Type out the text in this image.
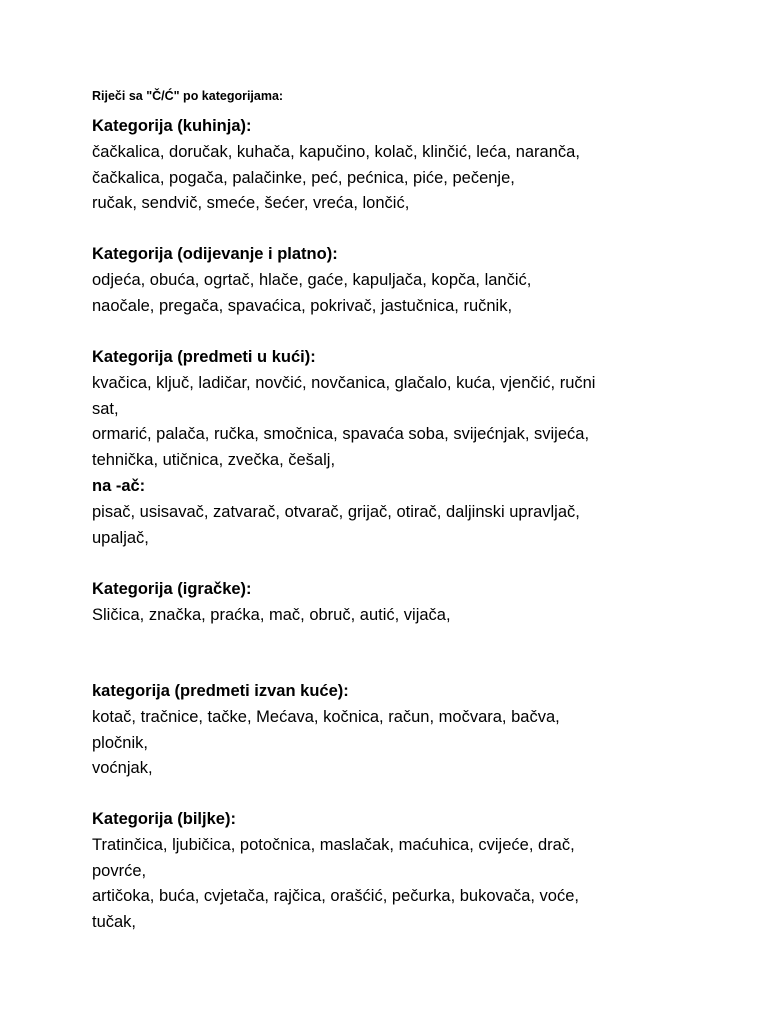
Riječi sa "Č/Ć" po kategorijama:
Kategorija (kuhinja):
čačkalica, doručak, kuhača, kapučino, kolač, klinčić, leća, naranča,
čačkalica, pogača, palačinke, peć, pećnica, piće, pečenje,
ručak, sendvič, smeće, šećer, vreća, lončić,
Kategorija (odijevanje i platno):
odjeća, obuća, ogrtač, hlače, gaće, kapuljača, kopča, lančić,
naočale, pregača, spavaćica, pokrivač, jastučnica, ručnik,
Kategorija (predmeti u kući):
kvačica, ključ, ladičar, novčić, novčanica, glačalo, kuća, vjenčić, ručni
sat,
ormarić, palača, ručka, smočnica, spavaća soba, svijećnjak, svijeća,
tehnička, utičnica, zvečka, češalj,
na -ač:
pisač, usisavač, zatvarač, otvarač, grijač, otirač, daljinski upravljač,
upaljač,
Kategorija (igračke):
Sličica, značka, praćka, mač, obruč, autić, vijača,
kategorija (predmeti izvan kuće):
kotač, tračnice, tačke, Mećava, kočnica, račun, močvara, bačva,
pločnik,
voćnjak,
Kategorija (biljke):
Tratinčica, ljubičica, potočnica, maslačak, maćuhica, cvijeće, drač,
povrće,
artičoka, buća, cvjetača, rajčica, orašćić, pečurka, bukovača, voće,
tučak,
